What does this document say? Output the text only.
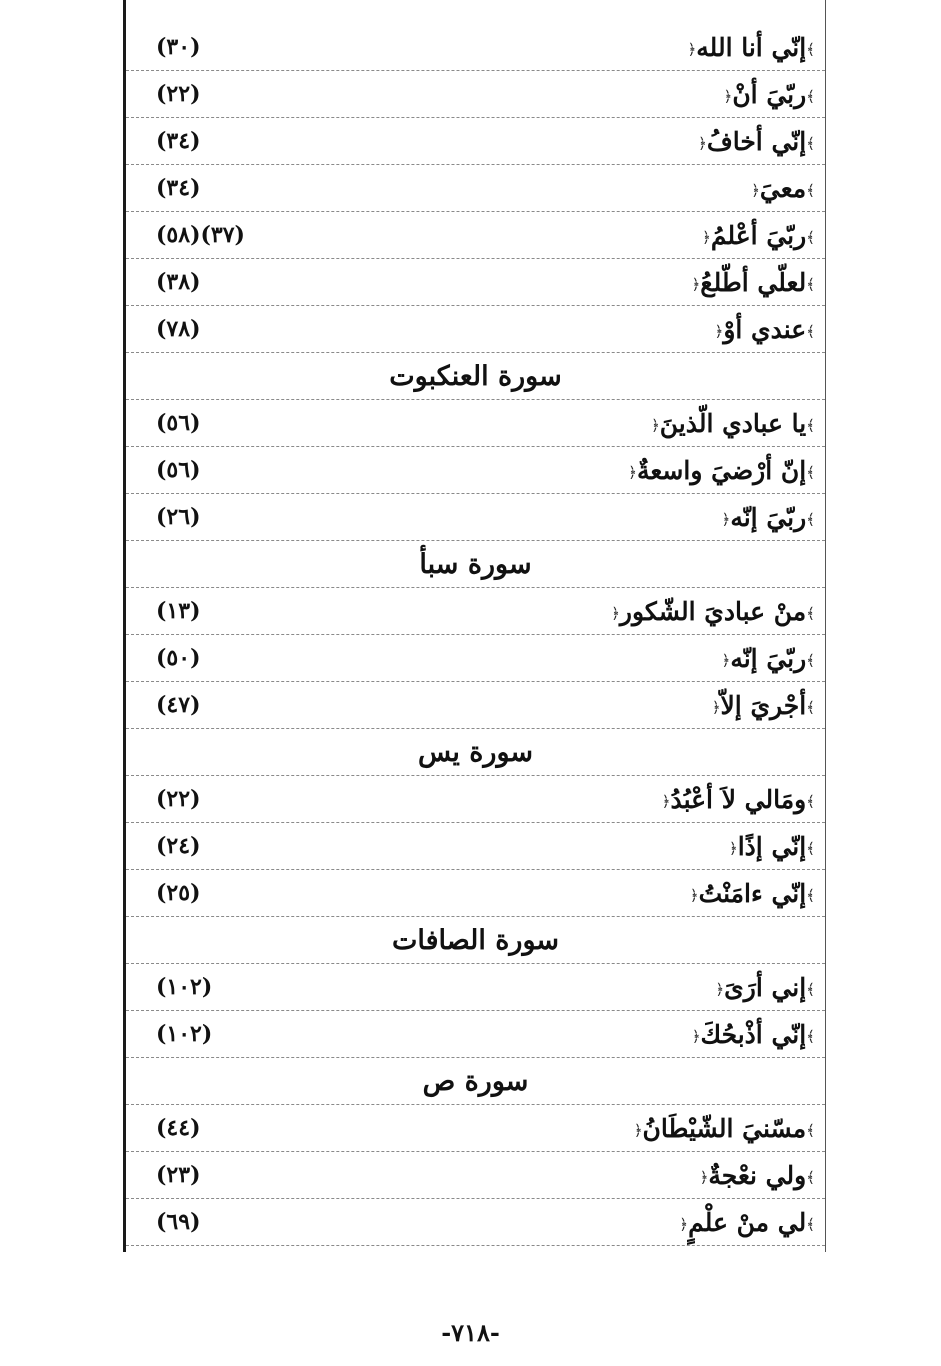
﴾إنّي أنا الله﴿
(٣٠)
﴾ربّيَ أنْ﴿
(٢٢)
﴾إنّي أخافُ﴿
(٣٤)
﴾معيَ﴿
(٣٤)
﴾ربّيَ أعْلمُ﴿
(٣٧)(٥٨)
﴾لعلّي أطّلعُ﴿
(٣٨)
﴾عندي أوْ﴿
(٧٨)
سورة العنكبوت
﴾يا عبادي الّذينَ﴿
(٥٦)
﴾إنّ أرْضيَ واسعةٌ﴿
(٥٦)
﴾ربّيَ إنّه﴿
(٢٦)
سورة سبأ
﴾منْ عباديَ الشّكور﴿
(١٣)
﴾ربّيَ إنّه﴿
(٥٠)
﴾أجْريَ إلاّ﴿
(٤٧)
سورة يس
﴾ومَالي لاَ أعْبُدُ﴿
(٢٢)
﴾إنّي إذًا﴿
(٢٤)
﴾إنّي ءامَنْتُ﴿
(٢٥)
سورة الصافات
﴾إني أرَىَ﴿
(١٠٢)
﴾إنّي أذْبحُكَ﴿
(١٠٢)
سورة ص
﴾مسّنيَ الشّيْطَانُ﴿
(٤٤)
﴾ولي نعْجةٌ﴿
(٢٣)
﴾لي منْ علْمٍ﴿
(٦٩)
-٧١٨-
